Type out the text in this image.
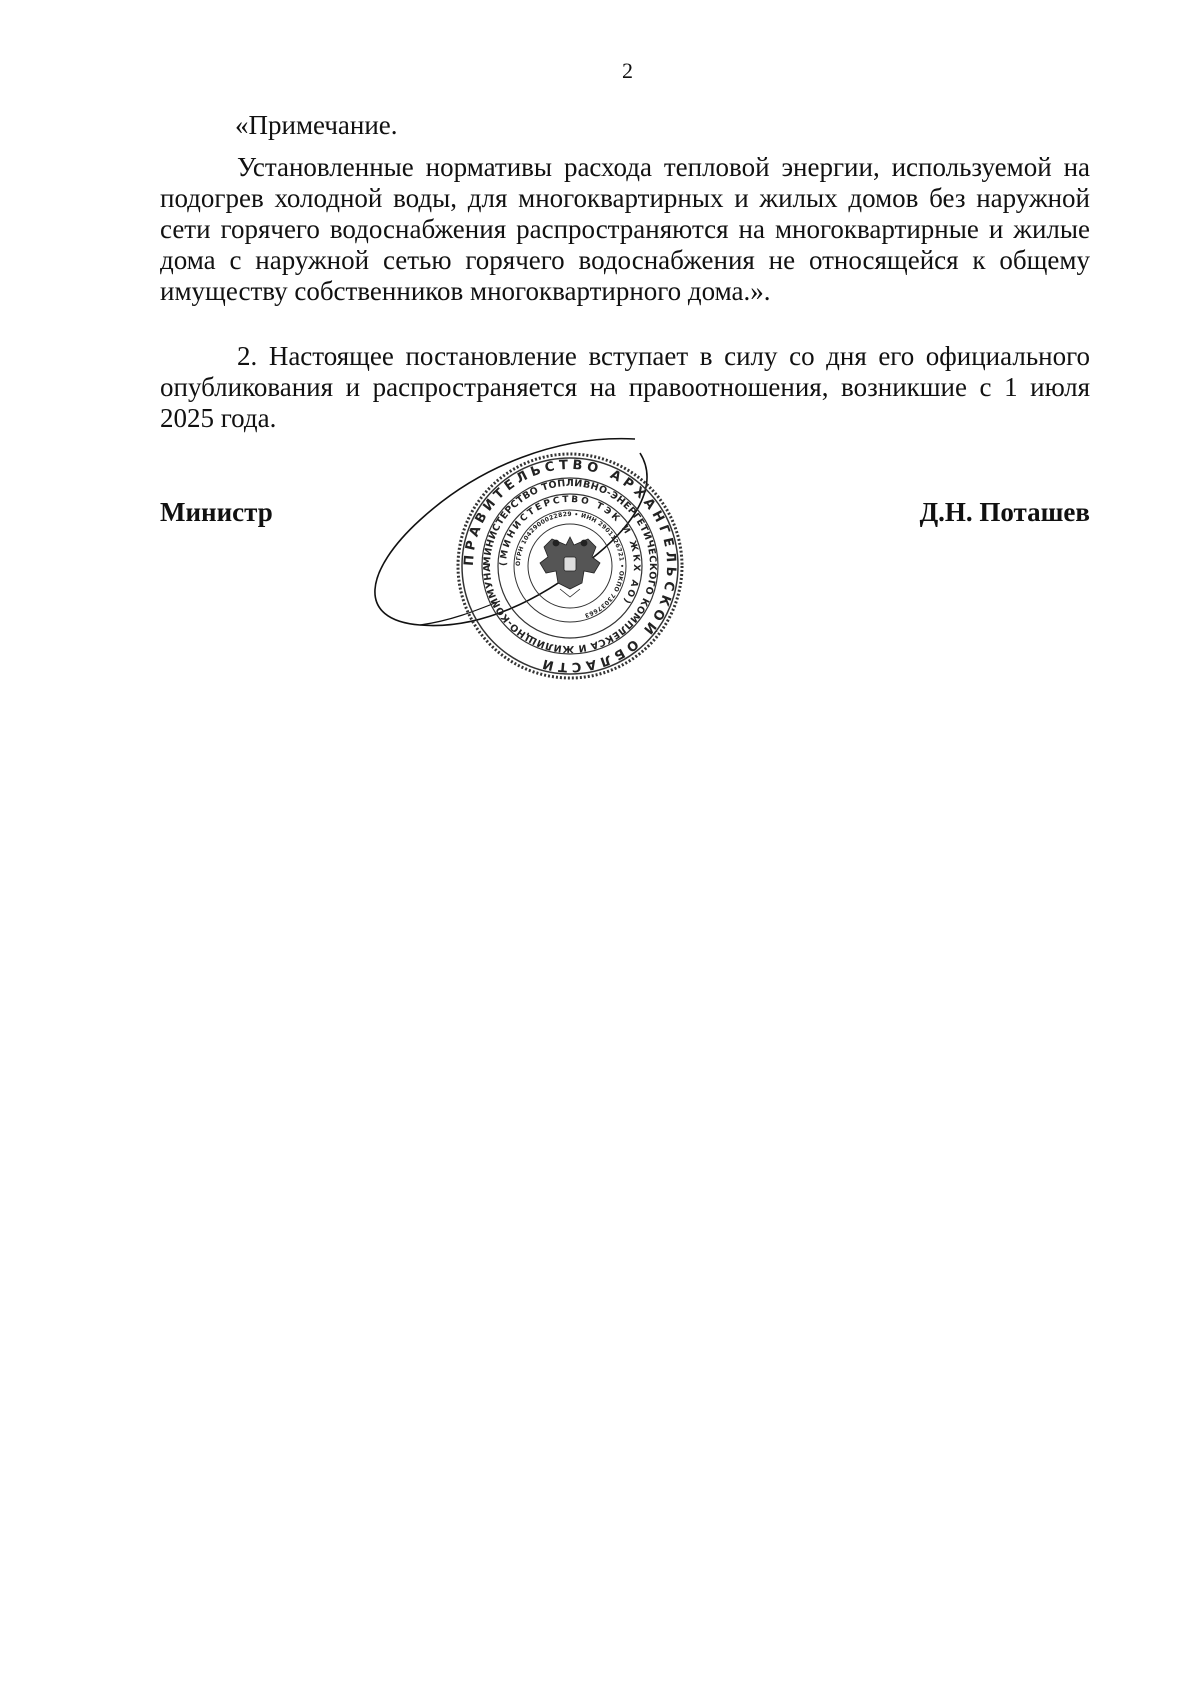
2
«Примечание.

Установленные нормативы расхода тепловой энергии, используемой на подогрев холодной воды, для многоквартирных и жилых домов без наружной сети горячего водоснабжения распространяются на многоквартирные и жилые дома с наружной сетью горячего водоснабжения не относящейся к общему имуществу собственников многоквартирного дома.».

2. Настоящее постановление вступает в силу со дня его официального опубликования и распространяется на правоотношения, возникшие с 1 июля 2025 года.

ПРАВИТЕЛЬСТВО АРХАНГЕЛЬСКОЙ ОБЛАСТИ
МИНИСТЕРСТВО ТОПЛИВНО-ЭНЕРГЕТИЧЕСКОГО КОМПЛЕКСА И ЖИЛИЩНО-КОММУНА
(МИНИСТЕРСТВО ТЭК И ЖКХ АО)
ОГРН 1042900022829 • ИНН 2901126721 • ОКПО 73037663
Министр	Д.Н. Поташев
